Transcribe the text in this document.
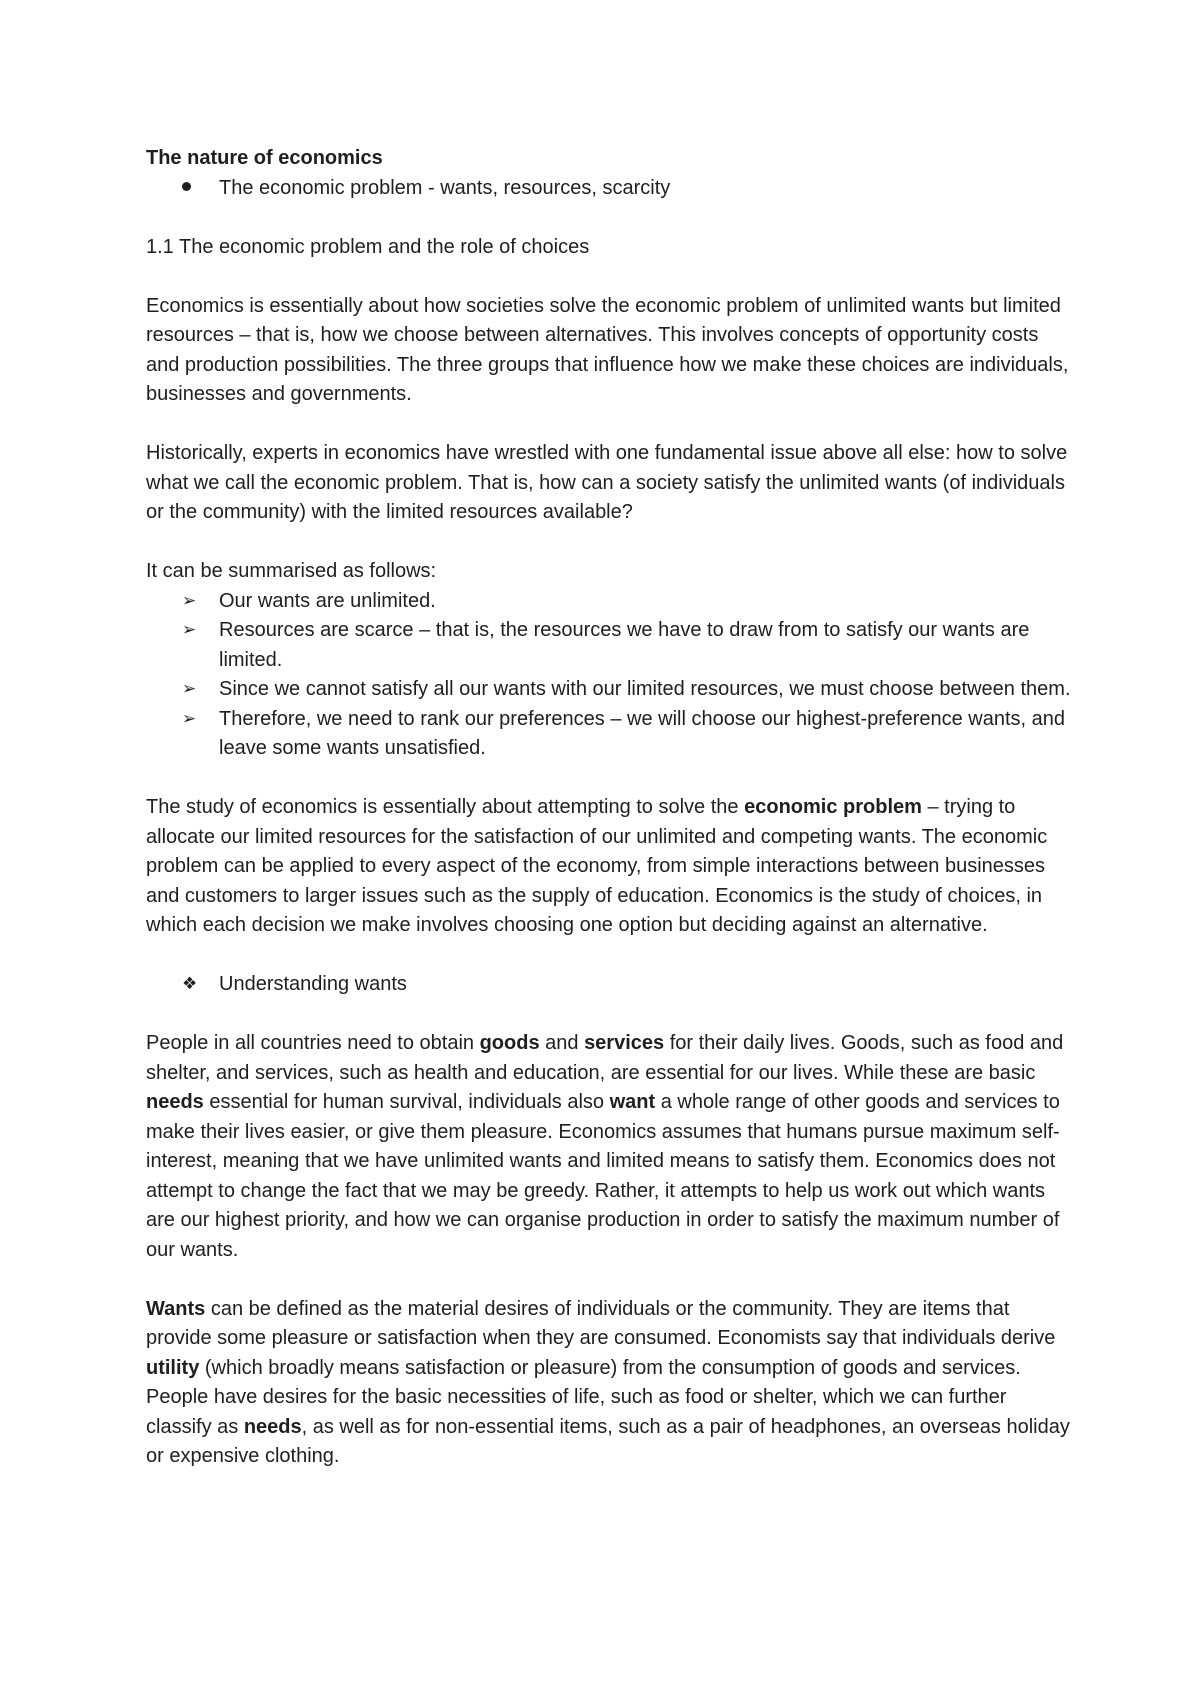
The nature of economics

The economic problem - wants, resources, scarcity

1.1 The economic problem and the role of choices

Economics is essentially about how societies solve the economic problem of unlimited wants but limited resources – that is, how we choose between alternatives. This involves concepts of opportunity costs and production possibilities. The three groups that influence how we make these choices are individuals, businesses and governments.

Historically, experts in economics have wrestled with one fundamental issue above all else: how to solve what we call the economic problem. That is, how can a society satisfy the unlimited wants (of individuals or the community) with the limited resources available?

It can be summarised as follows:

➢	Our wants are unlimited.
➢	Resources are scarce – that is, the resources we have to draw from to satisfy our wants are limited.
➢	Since we cannot satisfy all our wants with our limited resources, we must choose between them.
➢	Therefore, we need to rank our preferences – we will choose our highest-preference wants, and leave some wants unsatisfied.

The study of economics is essentially about attempting to solve the economic problem – trying to allocate our limited resources for the satisfaction of our unlimited and competing wants. The economic problem can be applied to every aspect of the economy, from simple interactions between businesses and customers to larger issues such as the supply of education. Economics is the study of choices, in which each decision we make involves choosing one option but deciding against an alternative.

❖	Understanding wants

People in all countries need to obtain goods and services for their daily lives. Goods, such as food and shelter, and services, such as health and education, are essential for our lives. While these are basic needs essential for human survival, individuals also want a whole range of other goods and services to make their lives easier, or give them pleasure. Economics assumes that humans pursue maximum self-interest, meaning that we have unlimited wants and limited means to satisfy them. Economics does not attempt to change the fact that we may be greedy. Rather, it attempts to help us work out which wants are our highest priority, and how we can organise production in order to satisfy the maximum number of our wants.

Wants can be defined as the material desires of individuals or the community. They are items that provide some pleasure or satisfaction when they are consumed. Economists say that individuals derive utility (which broadly means satisfaction or pleasure) from the consumption of goods and services. People have desires for the basic necessities of life, such as food or shelter, which we can further classify as needs, as well as for non-essential items, such as a pair of headphones, an overseas holiday or expensive clothing.
